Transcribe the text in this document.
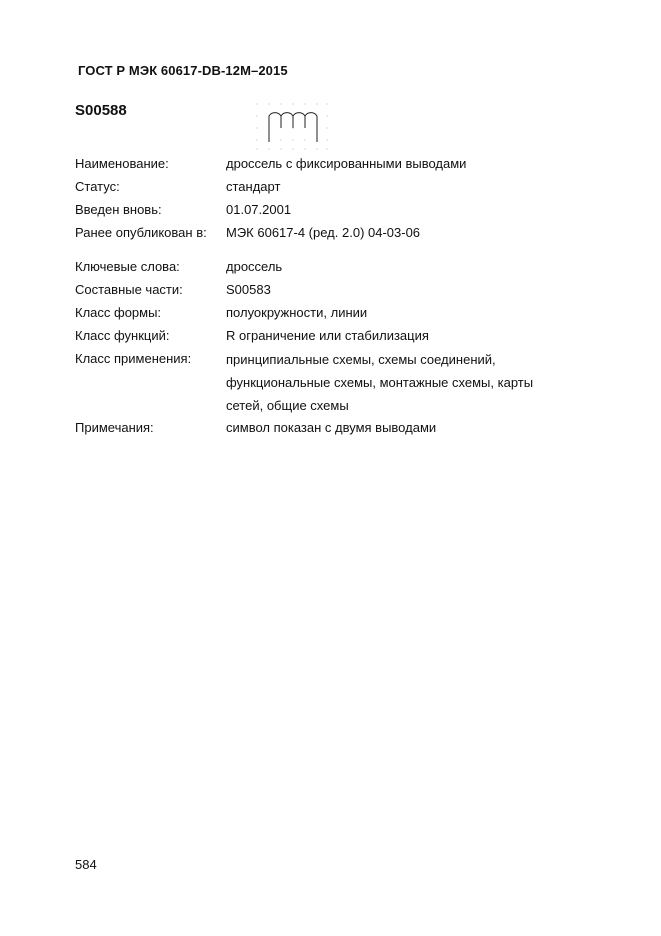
ГОСТ Р МЭК 60617-DB-12M–2015
S00588
Наименование:	дроссель с фиксированными выводами
Статус:	стандарт
Введен вновь:	01.07.2001
Ранее опубликован в: МЭК 60617-4 (ред. 2.0) 04-03-06
Ключевые слова:	дроссель
Составные части:	S00583
Класс формы:	полуокружности, линии
Класс функций:	R ограничение или стабилизация
Класс применения:	принципиальные схемы, схемы соединений,
функциональные схемы, монтажные схемы, карты
сетей, общие схемы
Примечания:	символ показан с двумя выводами
584
